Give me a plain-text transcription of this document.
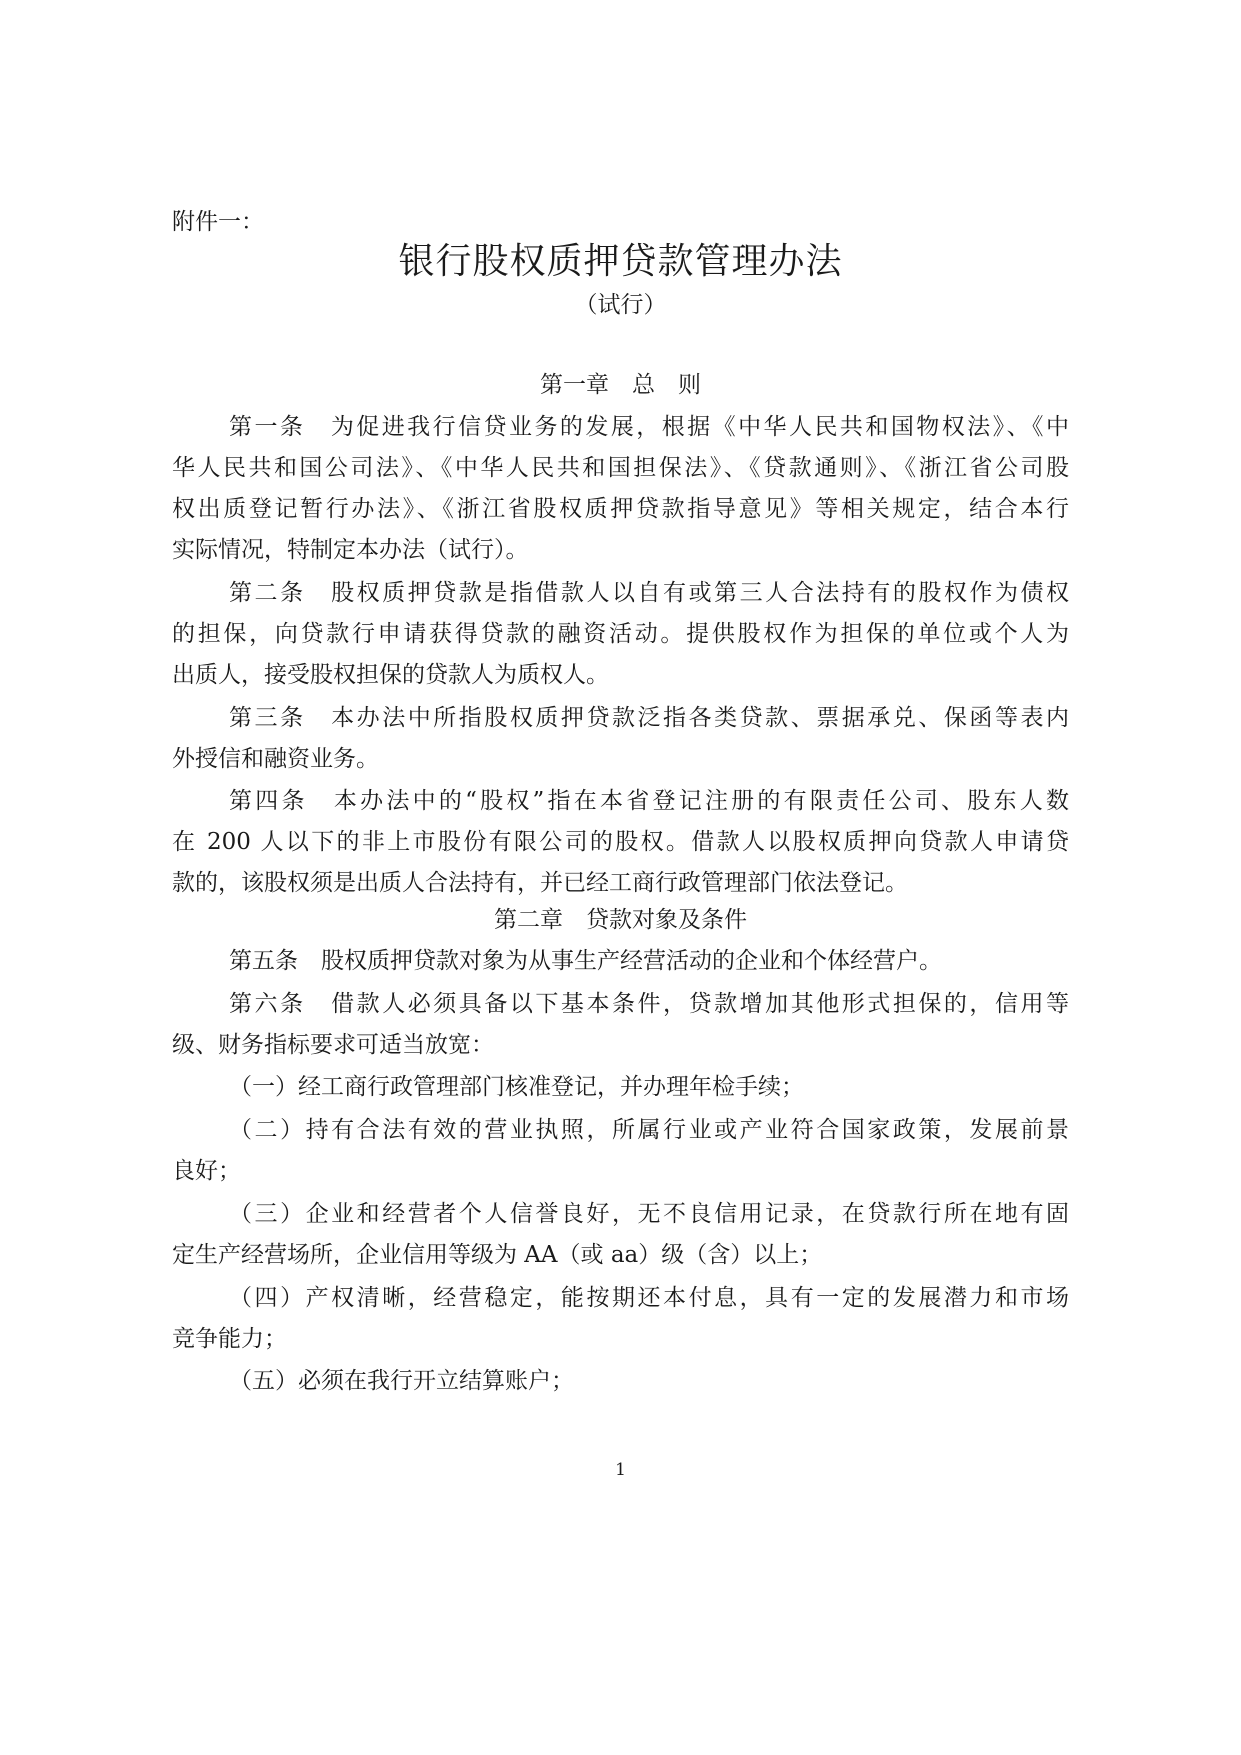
附件一：
银行股权质押贷款管理办法
（试行）
第一章　总　则
第一条　为促进我行信贷业务的发展，根据《中华人民共和国物权法》、《中
华人民共和国公司法》、《中华人民共和国担保法》、《贷款通则》、《浙江省公司股
权出质登记暂行办法》、《浙江省股权质押贷款指导意见》等相关规定，结合本行
实际情况，特制定本办法（试行）。
第二条　股权质押贷款是指借款人以自有或第三人合法持有的股权作为债权
的担保，向贷款行申请获得贷款的融资活动。提供股权作为担保的单位或个人为
出质人，接受股权担保的贷款人为质权人。
第三条　本办法中所指股权质押贷款泛指各类贷款、票据承兑、保函等表内
外授信和融资业务。
第四条　本办法中的“股权”指在本省登记注册的有限责任公司、股东人数
在 200 人以下的非上市股份有限公司的股权。借款人以股权质押向贷款人申请贷
款的，该股权须是出质人合法持有，并已经工商行政管理部门依法登记。
第二章　贷款对象及条件
第五条　股权质押贷款对象为从事生产经营活动的企业和个体经营户。
第六条　借款人必须具备以下基本条件，贷款增加其他形式担保的，信用等
级、财务指标要求可适当放宽：
（一）经工商行政管理部门核准登记，并办理年检手续；
（二）持有合法有效的营业执照，所属行业或产业符合国家政策，发展前景
良好；
（三）企业和经营者个人信誉良好，无不良信用记录，在贷款行所在地有固
定生产经营场所，企业信用等级为 AA（或 aa）级（含）以上；
（四）产权清晰，经营稳定，能按期还本付息，具有一定的发展潜力和市场
竞争能力；
（五）必须在我行开立结算账户；
1
